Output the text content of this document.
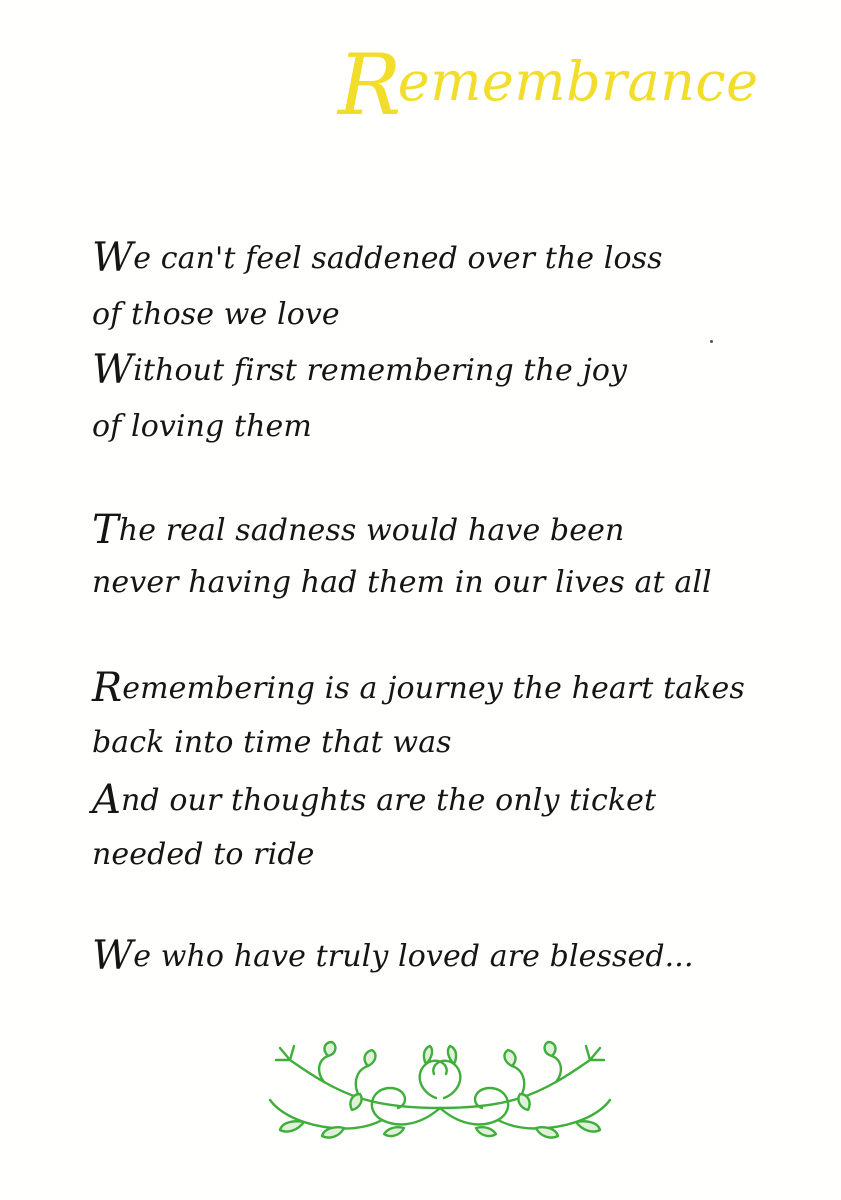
Remembrance
We can't feel saddened over the loss
of those we love
Without first remembering the joy
of loving them
The real sadness would have been
never having had them in our lives at all
Remembering is a journey the heart takes
back into time that was
And our thoughts are the only ticket
needed to ride
We who have truly loved are blessed...
